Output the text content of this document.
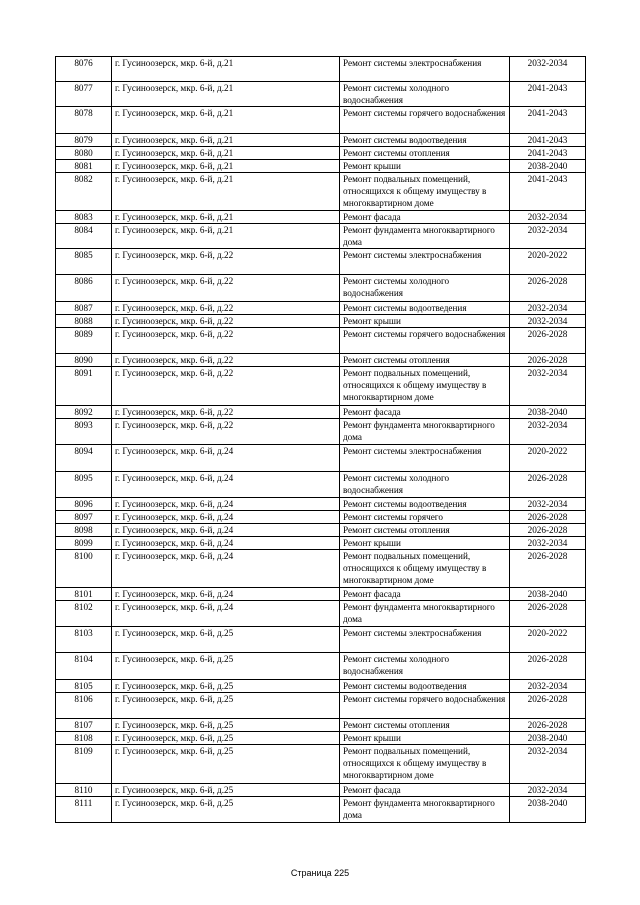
8076	г. Гусиноозерск, мкр. 6-й, д.21	Ремонт системы электроснабжения	2032-2034
8077	г. Гусиноозерск, мкр. 6-й, д.21	Ремонт системы холодного водоснабжения	2041-2043
8078	г. Гусиноозерск, мкр. 6-й, д.21	Ремонт системы горячего водоснабжения	2041-2043
8079	г. Гусиноозерск, мкр. 6-й, д.21	Ремонт системы водоотведения	2041-2043
8080	г. Гусиноозерск, мкр. 6-й, д.21	Ремонт системы отопления	2041-2043
8081	г. Гусиноозерск, мкр. 6-й, д.21	Ремонт крыши	2038-2040
8082	г. Гусиноозерск, мкр. 6-й, д.21	Ремонт подвальных помещений, относящихся к общему имуществу в многоквартирном доме	2041-2043
8083	г. Гусиноозерск, мкр. 6-й, д.21	Ремонт фасада	2032-2034
8084	г. Гусиноозерск, мкр. 6-й, д.21	Ремонт фундамента многоквартирного дома	2032-2034
8085	г. Гусиноозерск, мкр. 6-й, д.22	Ремонт системы электроснабжения	2020-2022
8086	г. Гусиноозерск, мкр. 6-й, д.22	Ремонт системы холодного водоснабжения	2026-2028
8087	г. Гусиноозерск, мкр. 6-й, д.22	Ремонт системы водоотведения	2032-2034
8088	г. Гусиноозерск, мкр. 6-й, д.22	Ремонт крыши	2032-2034
8089	г. Гусиноозерск, мкр. 6-й, д.22	Ремонт системы горячего водоснабжения	2026-2028
8090	г. Гусиноозерск, мкр. 6-й, д.22	Ремонт системы отопления	2026-2028
8091	г. Гусиноозерск, мкр. 6-й, д.22	Ремонт подвальных помещений, относящихся к общему имуществу в многоквартирном доме	2032-2034
8092	г. Гусиноозерск, мкр. 6-й, д.22	Ремонт фасада	2038-2040
8093	г. Гусиноозерск, мкр. 6-й, д.22	Ремонт фундамента многоквартирного дома	2032-2034
8094	г. Гусиноозерск, мкр. 6-й, д.24	Ремонт системы электроснабжения	2020-2022
8095	г. Гусиноозерск, мкр. 6-й, д.24	Ремонт системы холодного водоснабжения	2026-2028
8096	г. Гусиноозерск, мкр. 6-й, д.24	Ремонт системы водоотведения	2032-2034
8097	г. Гусиноозерск, мкр. 6-й, д.24	Ремонт системы горячего	2026-2028
8098	г. Гусиноозерск, мкр. 6-й, д.24	Ремонт системы отопления	2026-2028
8099	г. Гусиноозерск, мкр. 6-й, д.24	Ремонт крыши	2032-2034
8100	г. Гусиноозерск, мкр. 6-й, д.24	Ремонт подвальных помещений, относящихся к общему имуществу в многоквартирном доме	2026-2028
8101	г. Гусиноозерск, мкр. 6-й, д.24	Ремонт фасада	2038-2040
8102	г. Гусиноозерск, мкр. 6-й, д.24	Ремонт фундамента многоквартирного дома	2026-2028
8103	г. Гусиноозерск, мкр. 6-й, д.25	Ремонт системы электроснабжения	2020-2022
8104	г. Гусиноозерск, мкр. 6-й, д.25	Ремонт системы холодного водоснабжения	2026-2028
8105	г. Гусиноозерск, мкр. 6-й, д.25	Ремонт системы водоотведения	2032-2034
8106	г. Гусиноозерск, мкр. 6-й, д.25	Ремонт системы горячего водоснабжения	2026-2028
8107	г. Гусиноозерск, мкр. 6-й, д.25	Ремонт системы отопления	2026-2028
8108	г. Гусиноозерск, мкр. 6-й, д.25	Ремонт крыши	2038-2040
8109	г. Гусиноозерск, мкр. 6-й, д.25	Ремонт подвальных помещений, относящихся к общему имуществу в многоквартирном доме	2032-2034
8110	г. Гусиноозерск, мкр. 6-й, д.25	Ремонт фасада	2032-2034
8111	г. Гусиноозерск, мкр. 6-й, д.25	Ремонт фундамента многоквартирного дома	2038-2040
Страница 225
